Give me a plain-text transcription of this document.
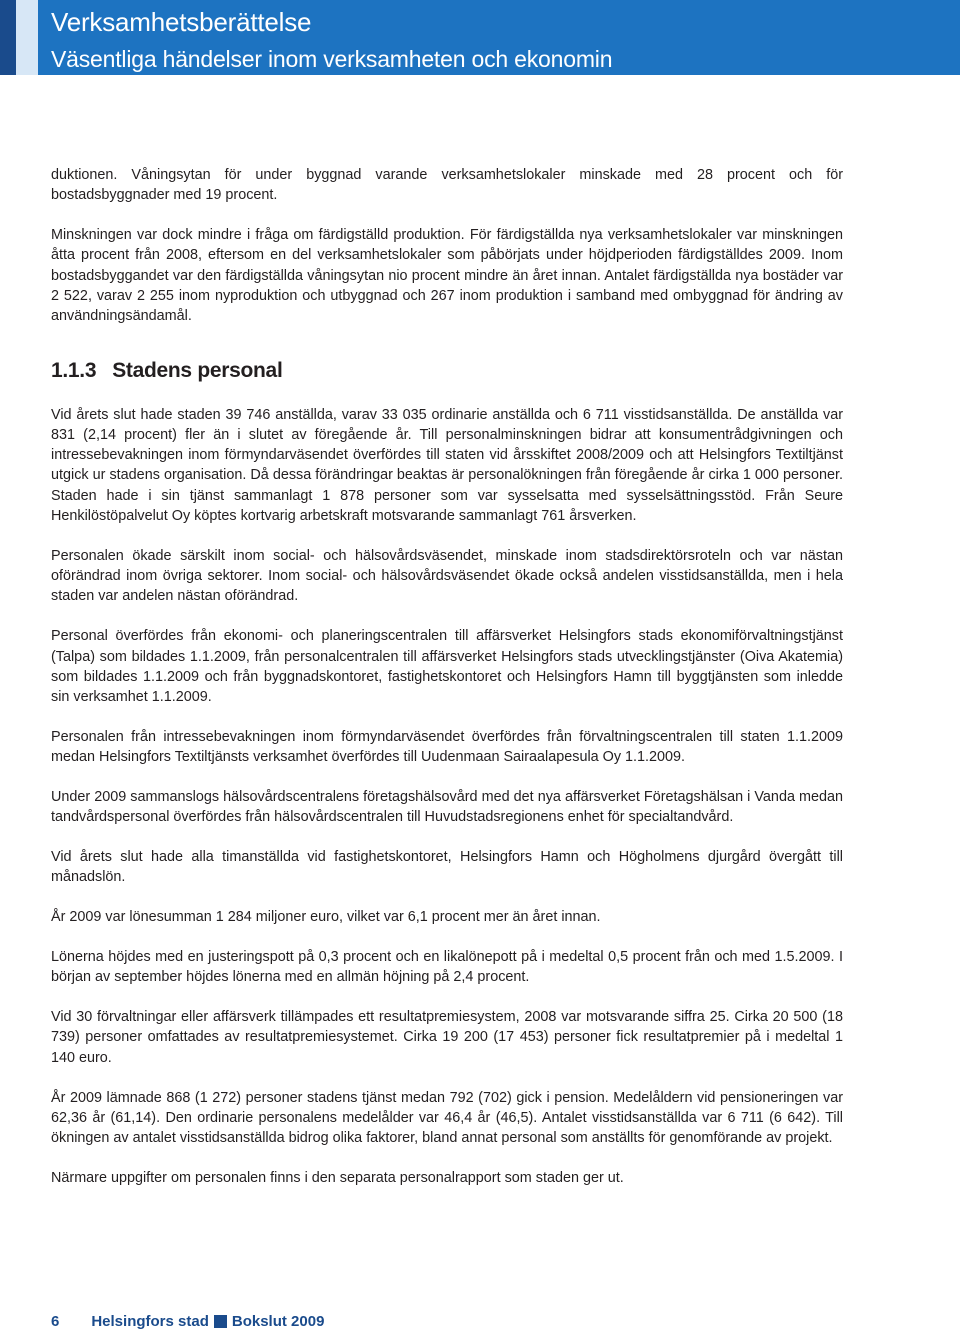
Verksamhetsberättelse
Väsentliga händelser inom verksamheten och ekonomin

duktionen. Våningsytan för under byggnad varande verksamhetslokaler minskade med 28 procent och för bostadsbyggnader med 19 procent.

Minskningen var dock mindre i fråga om färdigställd produktion. För färdigställda nya verksamhetslokaler var minskningen åtta procent från 2008, eftersom en del verksamhetslokaler som påbörjats under höjdperioden färdigställdes 2009. Inom bostadsbyggandet var den färdigställda våningsytan nio procent mindre än året innan. Antalet färdigställda nya bostäder var 2 522, varav 2 255 inom nyproduktion och utbyggnad och 267 inom produktion i samband med ombyggnad för ändring av användningsändamål.

1.1.3 Stadens personal

Vid årets slut hade staden 39 746 anställda, varav 33 035 ordinarie anställda och 6 711 visstidsanställda. De anställda var 831 (2,14 procent) fler än i slutet av föregående år. Till personalminskningen bidrar att konsumentrådgivningen och intressebevakningen inom förmyndarväsendet överfördes till staten vid årsskiftet 2008/2009 och att Helsingfors Textiltjänst utgick ur stadens organisation. Då dessa förändringar beaktas är personalökningen från föregående år cirka 1 000 personer. Staden hade i sin tjänst sammanlagt 1 878 personer som var sysselsatta med sysselsättningsstöd. Från Seure Henkilöstöpalvelut Oy köptes kortvarig arbetskraft motsvarande sammanlagt 761 årsverken.

Personalen ökade särskilt inom social- och hälsovårdsväsendet, minskade inom stadsdirektörsroteln och var nästan oförändrad inom övriga sektorer. Inom social- och hälsovårdsväsendet ökade också andelen visstidsanställda, men i hela staden var andelen nästan oförändrad.

Personal överfördes från ekonomi- och planeringscentralen till affärsverket Helsingfors stads ekonomiförvaltningstjänst (Talpa) som bildades 1.1.2009, från personalcentralen till affärsverket Helsingfors stads utvecklingstjänster (Oiva Akatemia) som bildades 1.1.2009 och från byggnadskontoret, fastighetskontoret och Helsingfors Hamn till byggtjänsten som inledde sin verksamhet 1.1.2009.

Personalen från intressebevakningen inom förmyndarväsendet överfördes från förvaltningscentralen till staten 1.1.2009 medan Helsingfors Textiltjänsts verksamhet överfördes till Uudenmaan Sairaalapesula Oy 1.1.2009.

Under 2009 sammanslogs hälsovårdscentralens företagshälsovård med det nya affärsverket Företagshälsan i Vanda medan tandvårdspersonal överfördes från hälsovårdscentralen till Huvudstadsregionens enhet för specialtandvård.

Vid årets slut hade alla timanställda vid fastighetskontoret, Helsingfors Hamn och Högholmens djurgård övergått till månadslön.

År 2009 var lönesumman 1 284 miljoner euro, vilket var 6,1 procent mer än året innan.

Lönerna höjdes med en justeringspott på 0,3 procent och en likalönepott på i medeltal 0,5 procent från och med 1.5.2009. I början av september höjdes lönerna med en allmän höjning på 2,4 procent.

Vid 30 förvaltningar eller affärsverk tillämpades ett resultatpremiesystem, 2008 var motsvarande siffra 25. Cirka 20 500 (18 739) personer omfattades av resultatpremiesystemet. Cirka 19 200 (17 453) personer fick resultatpremier på i medeltal 1 140 euro.

År 2009 lämnade 868 (1 272) personer stadens tjänst medan 792 (702) gick i pension. Medelåldern vid pensioneringen var 62,36 år (61,14). Den ordinarie personalens medelålder var 46,4 år (46,5). Antalet visstidsanställda var 6 711 (6 642). Till ökningen av antalet visstidsanställda bidrog olika faktorer, bland annat personal som anställts för genomförande av projekt.

Närmare uppgifter om personalen finns i den separata personalrapport som staden ger ut.

6 Helsingfors stad Bokslut 2009
